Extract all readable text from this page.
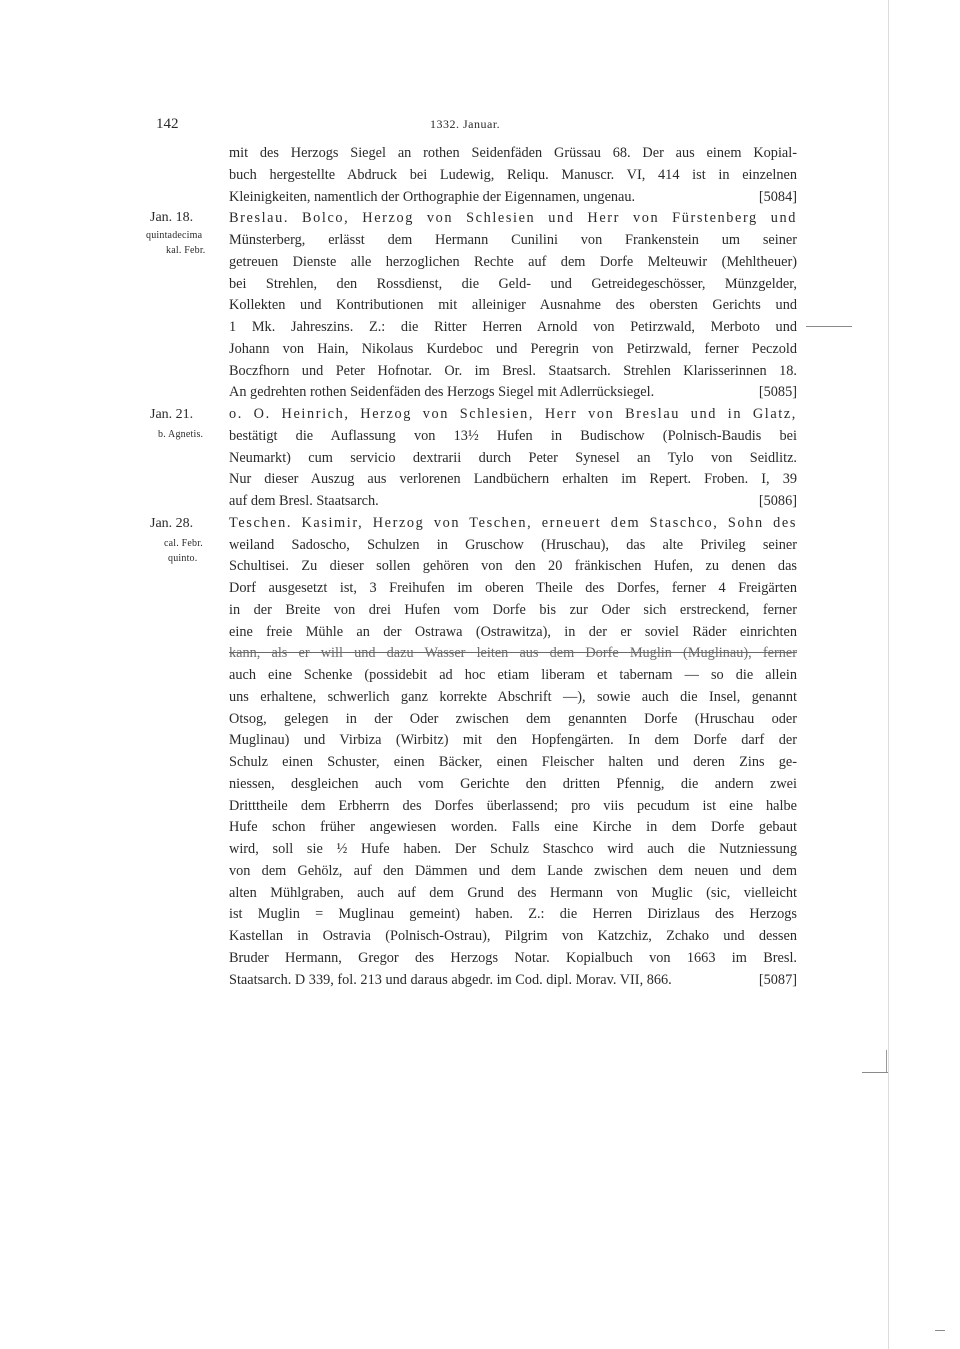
142	1332. Januar.
Jan. 18.
quintadecima
kal. Febr.
Jan. 21.
b. Agnetis.
Jan. 28.
cal. Febr.
quinto.
mit des Herzogs Siegel an rothen Seidenfäden Grüssau 68. Der aus einem Kopial-
buch hergestellte Abdruck bei Ludewig, Reliqu. Manuscr. VI, 414 ist in einzelnen
[5084]
Kleinigkeiten, namentlich der Orthographie der Eigennamen, ungenau.
Breslau. Bolco, Herzog von Schlesien und Herr von Fürstenberg und
Münsterberg, erlässt dem Hermann Cunilini von Frankenstein um seiner
getreuen Dienste alle herzoglichen Rechte auf dem Dorfe Melteuwir (Mehltheuer)
bei Strehlen, den Rossdienst, die Geld- und Getreidegeschösser, Münzgelder,
Kollekten und Kontributionen mit alleiniger Ausnahme des obersten Gerichts und
1 Mk. Jahreszins. Z.: die Ritter Herren Arnold von Petirzwald, Merboto und
Johann von Hain, Nikolaus Kurdeboc und Peregrin von Petirzwald, ferner Peczold
Boczfhorn und Peter Hofnotar. Or. im Bresl. Staatsarch. Strehlen Klarisserinnen 18.
[5085]
An gedrehten rothen Seidenfäden des Herzogs Siegel mit Adlerrücksiegel.
o. O. Heinrich, Herzog von Schlesien, Herr von Breslau und in Glatz,
bestätigt die Auflassung von 13½ Hufen in Budischow (Polnisch-Baudis bei
Neumarkt) cum servicio dextrarii durch Peter Synesel an Tylo von Seidlitz.
Nur dieser Auszug aus verlorenen Landbüchern erhalten im Repert. Froben. I, 39
[5086]
auf dem Bresl. Staatsarch.
Teschen. Kasimir, Herzog von Teschen, erneuert dem Staschco, Sohn des
weiland Sadoscho, Schulzen in Gruschow (Hruschau), das alte Privileg seiner
Schultisei. Zu dieser sollen gehören von den 20 fränkischen Hufen, zu denen das
Dorf ausgesetzt ist, 3 Freihufen im oberen Theile des Dorfes, ferner 4 Freigärten
in der Breite von drei Hufen vom Dorfe bis zur Oder sich erstreckend, ferner
eine freie Mühle an der Ostrawa (Ostrawitza), in der er soviel Räder einrichten
kann, als er will und dazu Wasser leiten aus dem Dorfe Muglin (Muglinau), ferner
auch eine Schenke (possidebit ad hoc etiam liberam et tabernam — so die allein
uns erhaltene, schwerlich ganz korrekte Abschrift —), sowie auch die Insel, genannt
Otsog, gelegen in der Oder zwischen dem genannten Dorfe (Hruschau oder
Muglinau) und Virbiza (Wirbitz) mit den Hopfengärten. In dem Dorfe darf der
Schulz einen Schuster, einen Bäcker, einen Fleischer halten und deren Zins ge-
niessen, desgleichen auch vom Gerichte den dritten Pfennig, die andern zwei
Dritttheile dem Erbherrn des Dorfes überlassend; pro viis pecudum ist eine halbe
Hufe schon früher angewiesen worden. Falls eine Kirche in dem Dorfe gebaut
wird, soll sie ½ Hufe haben. Der Schulz Staschco wird auch die Nutzniessung
von dem Gehölz, auf den Dämmen und dem Lande zwischen dem neuen und dem
alten Mühlgraben, auch auf dem Grund des Hermann von Muglic (sic, vielleicht
ist Muglin = Muglinau gemeint) haben. Z.: die Herren Dirizlaus des Herzogs
Kastellan in Ostravia (Polnisch-Ostrau), Pilgrim von Katzchiz, Zchako und dessen
Bruder Hermann, Gregor des Herzogs Notar. Kopialbuch von 1663 im Bresl.
[5087]
Staatsarch. D 339, fol. 213 und daraus abgedr. im Cod. dipl. Morav. VII, 866.
